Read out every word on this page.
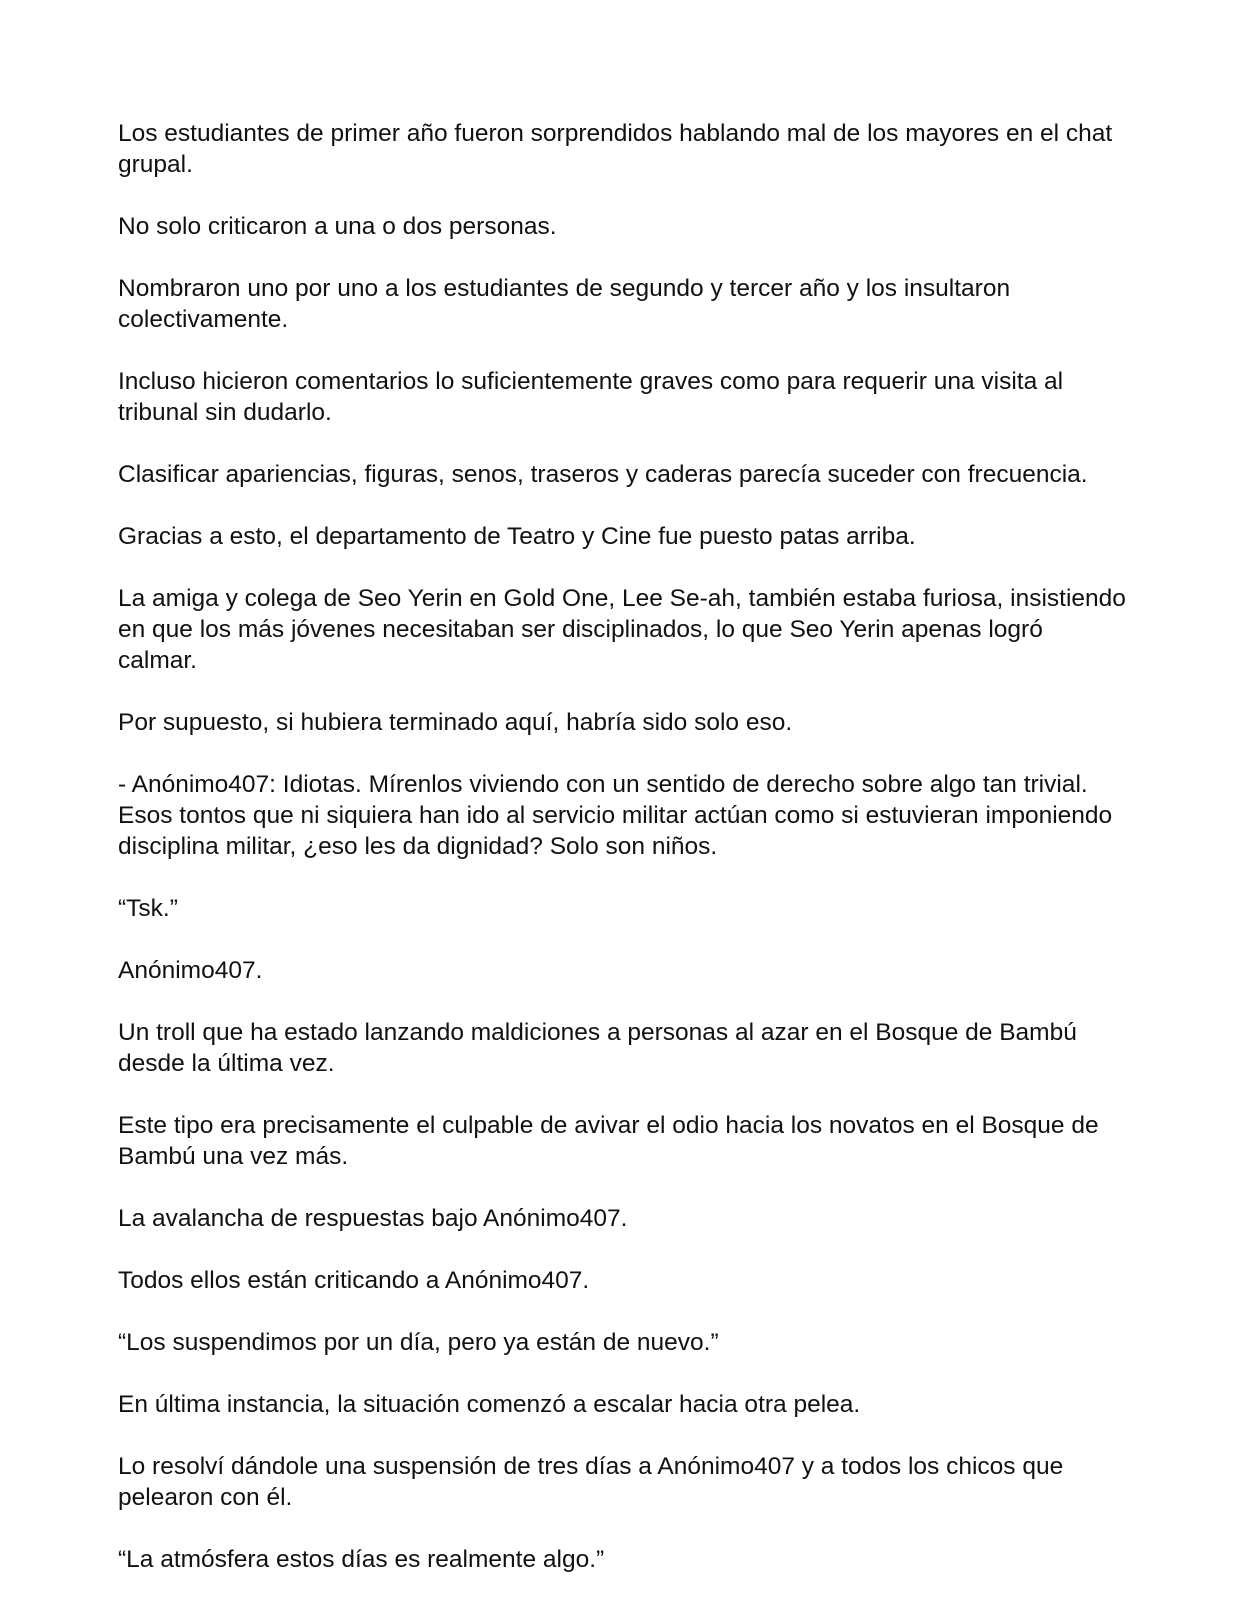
Los estudiantes de primer año fueron sorprendidos hablando mal de los mayores en el chat grupal.

No solo criticaron a una o dos personas.

Nombraron uno por uno a los estudiantes de segundo y tercer año y los insultaron colectivamente.

Incluso hicieron comentarios lo suficientemente graves como para requerir una visita al tribunal sin dudarlo.

Clasificar apariencias, figuras, senos, traseros y caderas parecía suceder con frecuencia.

Gracias a esto, el departamento de Teatro y Cine fue puesto patas arriba.

La amiga y colega de Seo Yerin en Gold One, Lee Se-ah, también estaba furiosa, insistiendo en que los más jóvenes necesitaban ser disciplinados, lo que Seo Yerin apenas logró calmar.

Por supuesto, si hubiera terminado aquí, habría sido solo eso.

- Anónimo407: Idiotas. Mírenlos viviendo con un sentido de derecho sobre algo tan trivial. Esos tontos que ni siquiera han ido al servicio militar actúan como si estuvieran imponiendo disciplina militar, ¿eso les da dignidad? Solo son niños.

“Tsk.”

Anónimo407.

Un troll que ha estado lanzando maldiciones a personas al azar en el Bosque de Bambú desde la última vez.

Este tipo era precisamente el culpable de avivar el odio hacia los novatos en el Bosque de Bambú una vez más.

La avalancha de respuestas bajo Anónimo407.

Todos ellos están criticando a Anónimo407.

“Los suspendimos por un día, pero ya están de nuevo.”

En última instancia, la situación comenzó a escalar hacia otra pelea.

Lo resolví dándole una suspensión de tres días a Anónimo407 y a todos los chicos que pelearon con él.

“La atmósfera estos días es realmente algo.”
